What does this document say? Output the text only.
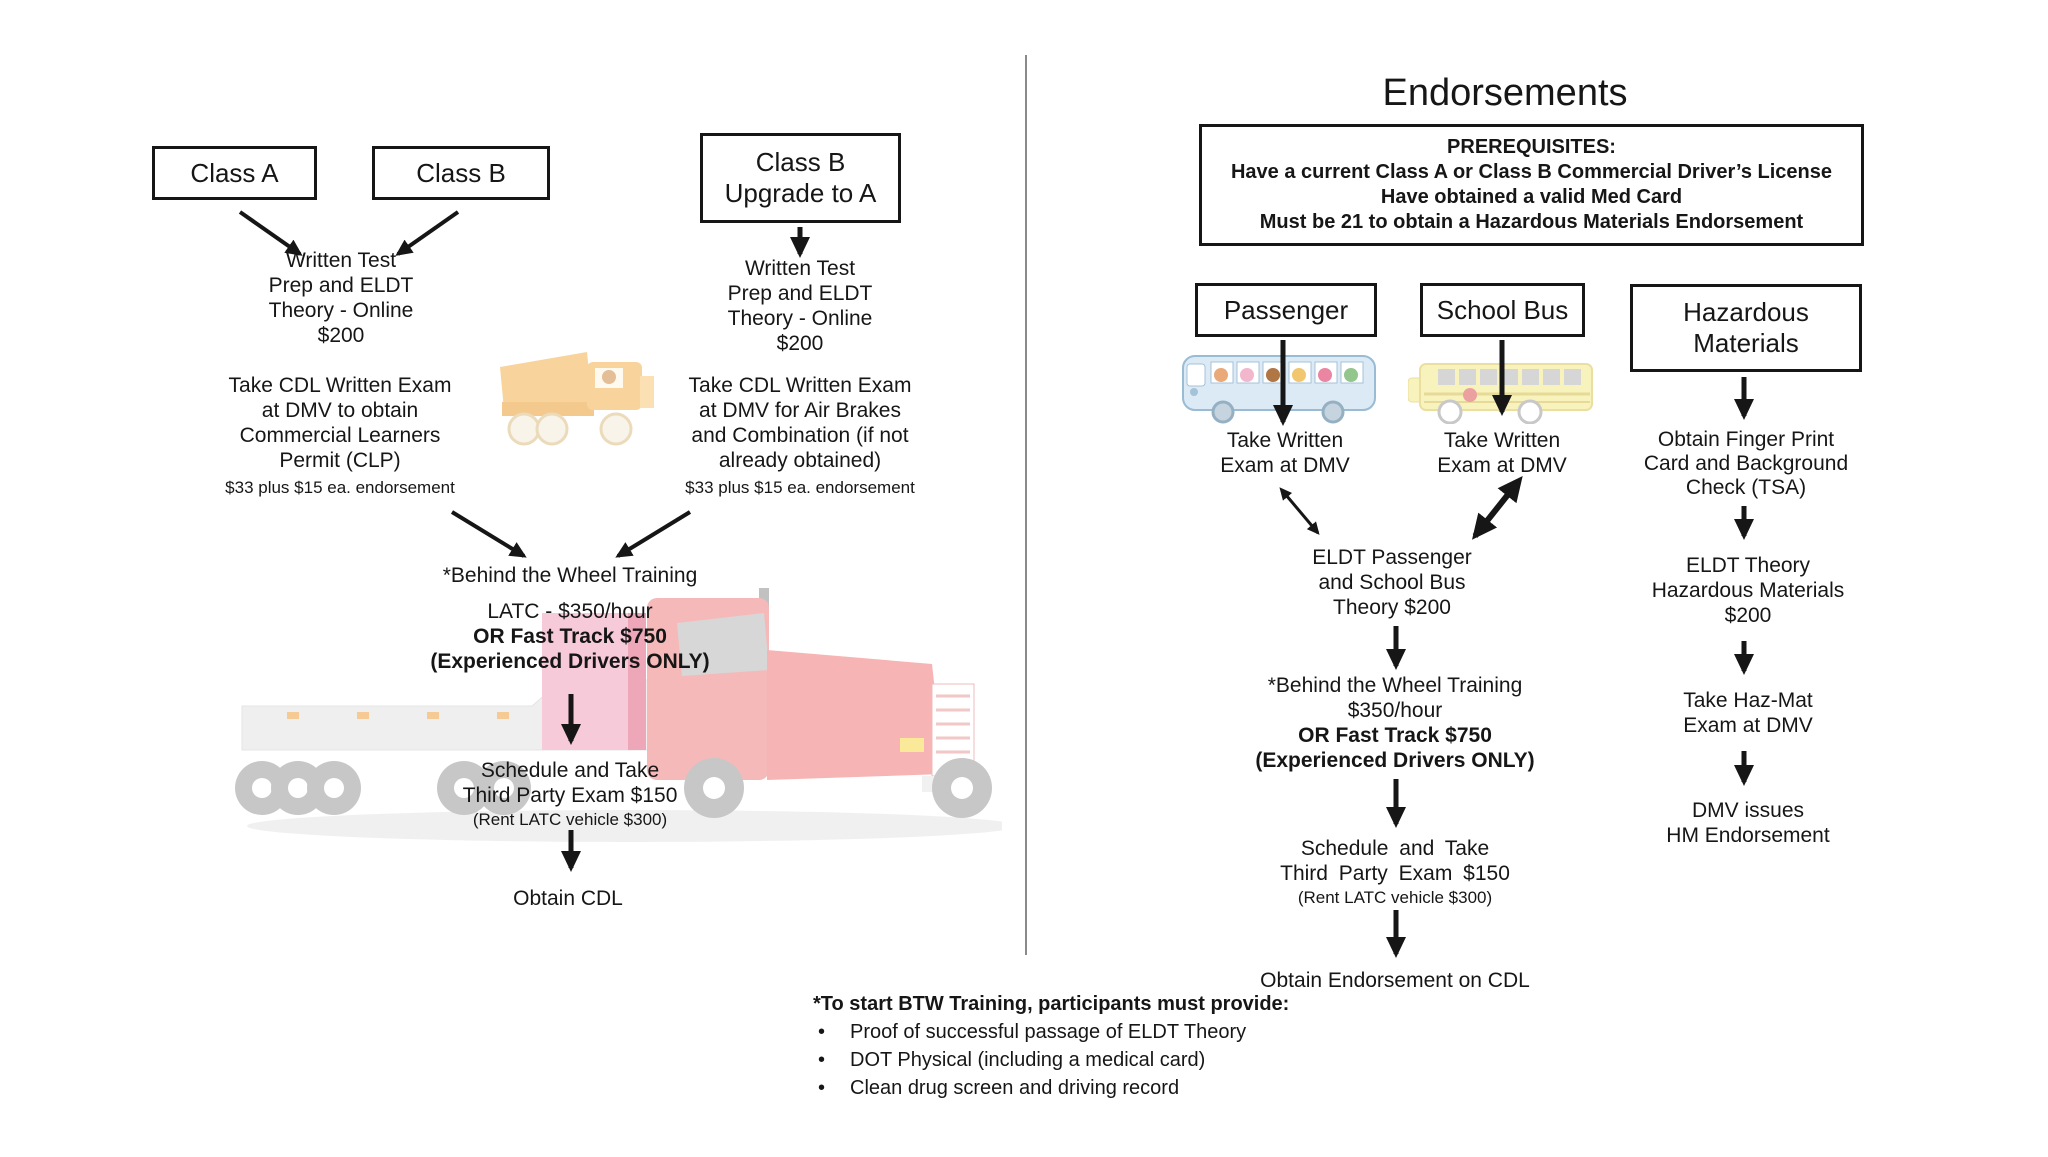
Class A	Class B	Class B
Upgrade to A
Written Test
Prep and ELDT
Theory - Online
$200
Take CDL Written Exam
at DMV to obtain
Commercial Learners
Permit (CLP)
$33 plus $15 ea. endorsement
Written Test
Prep and ELDT
Theory - Online
$200
Take CDL Written Exam
at DMV for Air Brakes
and Combination (if not
already obtained)
$33 plus $15 ea. endorsement
*Behind the Wheel Training
LATC - $350/hour
OR Fast Track $750
(Experienced Drivers ONLY)
Schedule and Take
Third Party Exam $150
(Rent LATC vehicle $300)
Obtain CDL
Endorsements
PREREQUISITES:
Have a current Class A or Class B Commercial Driver’s License
Have obtained a valid Med Card
Must be 21 to obtain a Hazardous Materials Endorsement
Passenger	School Bus	Hazardous
Materials
Take Written
Exam at DMV
Take Written
Exam at DMV
Obtain Finger Print
Card and Background
Check (TSA)
ELDT Passenger
and School Bus
Theory $200
*Behind the Wheel Training
$350/hour
OR Fast Track $750
(Experienced Drivers ONLY)
ELDT Theory
Hazardous Materials
$200
Take Haz-Mat
Exam at DMV
DMV issues
HM Endorsement
Schedule and Take
Third Party Exam $150
(Rent LATC vehicle $300)
Obtain Endorsement on CDL
*To start BTW Training, participants must provide:
•	Proof of successful passage of ELDT Theory
•	DOT Physical (including a medical card)
•	Clean drug screen and driving record
